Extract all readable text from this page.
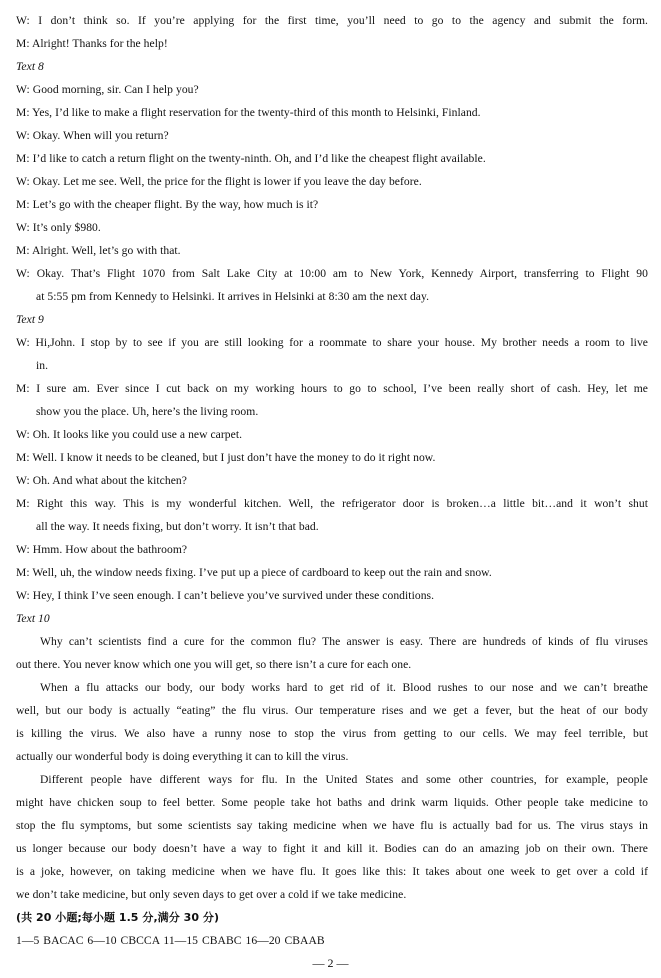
W: I don’t think so. If you’re applying for the first time, you’ll need to go to the agency and submit the form.
M: Alright! Thanks for the help!
Text 8
W: Good morning, sir. Can I help you?
M: Yes, I’d like to make a flight reservation for the twenty-third of this month to Helsinki, Finland.
W: Okay. When will you return?
M: I’d like to catch a return flight on the twenty-ninth. Oh, and I’d like the cheapest flight available.
W: Okay. Let me see. Well, the price for the flight is lower if you leave the day before.
M: Let’s go with the cheaper flight. By the way, how much is it?
W: It’s only $980.
M: Alright. Well, let’s go with that.
W: Okay. That’s Flight 1070 from Salt Lake City at 10:00 am to New York, Kennedy Airport, transferring to Flight 90
at 5:55 pm from Kennedy to Helsinki. It arrives in Helsinki at 8:30 am the next day.
Text 9
W: Hi,John. I stop by to see if you are still looking for a roommate to share your house. My brother needs a room to live
in.
M: I sure am. Ever since I cut back on my working hours to go to school, I’ve been really short of cash. Hey, let me
show you the place. Uh, here’s the living room.
W: Oh. It looks like you could use a new carpet.
M: Well. I know it needs to be cleaned, but I just don’t have the money to do it right now.
W: Oh. And what about the kitchen?
M: Right this way. This is my wonderful kitchen. Well, the refrigerator door is broken…a little bit…and it won’t shut
all the way. It needs fixing, but don’t worry. It isn’t that bad.
W: Hmm. How about the bathroom?
M: Well, uh, the window needs fixing. I’ve put up a piece of cardboard to keep out the rain and snow.
W: Hey, I think I’ve seen enough. I can’t believe you’ve survived under these conditions.
Text 10
Why can’t scientists find a cure for the common flu? The answer is easy. There are hundreds of kinds of flu viruses
out there. You never know which one you will get, so there isn’t a cure for each one.
When a flu attacks our body, our body works hard to get rid of it. Blood rushes to our nose and we can’t breathe
well, but our body is actually “eating” the flu virus. Our temperature rises and we get a fever, but the heat of our body
is killing the virus. We also have a runny nose to stop the virus from getting to our cells. We may feel terrible, but
actually our wonderful body is doing everything it can to kill the virus.
Different people have different ways for flu. In the United States and some other countries, for example, people
might have chicken soup to feel better. Some people take hot baths and drink warm liquids. Other people take medicine to
stop the flu symptoms, but some scientists say taking medicine when we have flu is actually bad for us. The virus stays in
us longer because our body doesn’t have a way to fight it and kill it. Bodies can do an amazing job on their own. There
is a joke, however, on taking medicine when we have flu. It goes like this: It takes about one week to get over a cold if
we don’t take medicine, but only seven days to get over a cold if we take medicine.
(共 20 小题;每小题 1.5 分,满分 30 分)
1—5 BACAC 6—10 CBCCA 11—15 CBABC 16—20 CBAAB
— 2 —
